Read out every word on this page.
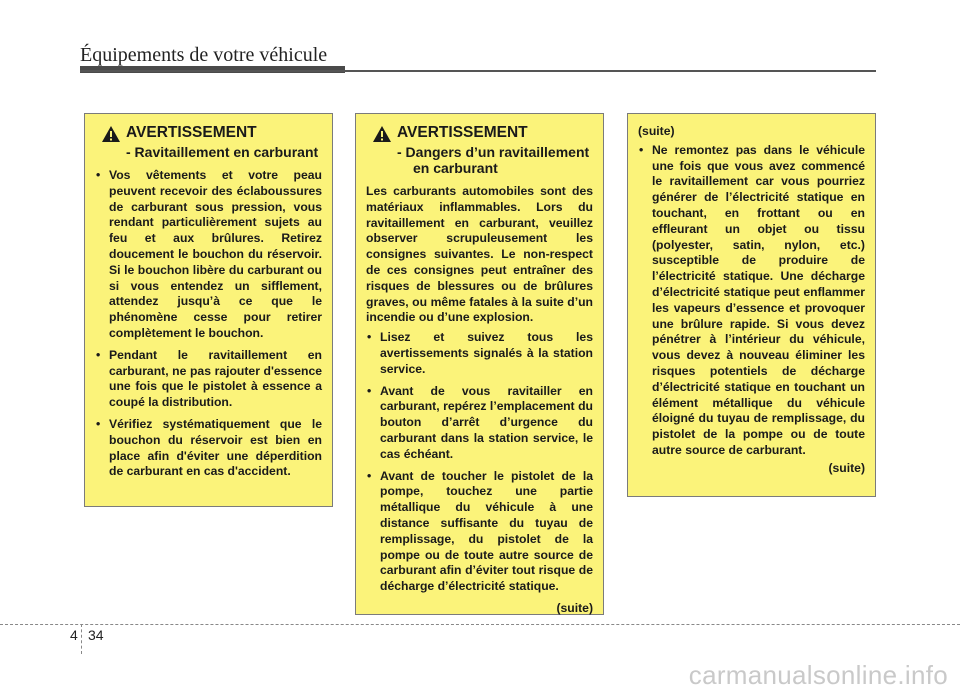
Équipements de votre véhicule
AVERTISSEMENT
- Ravitaillement en carburant
• Vos vêtements et votre peau peuvent recevoir des éclaboussures de carburant sous pression, vous rendant particulièrement sujets au feu et aux brûlures. Retirez doucement le bouchon du réservoir. Si le bouchon libère du carburant ou si vous entendez un sifflement, attendez jusqu’à ce que le phénomène cesse pour retirer complètement le bouchon.
• Pendant le ravitaillement en carburant, ne pas rajouter d'essence une fois que le pistolet à essence a coupé la distribution.
• Vérifiez systématiquement que le bouchon du réservoir est bien en place afin d'éviter une déperdition de carburant en cas d'accident.
AVERTISSEMENT
- Dangers d’un ravitaillement en carburant
Les carburants automobiles sont des matériaux inflammables. Lors du ravitaillement en carburant, veuillez observer scrupuleusement les consignes suivantes. Le non-respect de ces consignes peut entraîner des risques de blessures ou de brûlures graves, ou même fatales à la suite d’un incendie ou d’une explosion.
• Lisez et suivez tous les avertissements signalés à la station service.
• Avant de vous ravitailler en carburant, repérez l’emplacement du bouton d’arrêt d’urgence du carburant dans la station service, le cas échéant.
• Avant de toucher le pistolet de la pompe, touchez une partie métallique du véhicule à une distance suffisante du tuyau de remplissage, du pistolet de la pompe ou de toute autre source de carburant afin d’éviter tout risque de décharge d’électricité statique.
(suite)
(suite)
• Ne remontez pas dans le véhicule une fois que vous avez commencé le ravitaillement car vous pourriez générer de l’électricité statique en touchant, en frottant ou en effleurant un objet ou tissu (polyester, satin, nylon, etc.) susceptible de produire de l’électricité statique. Une décharge d’électricité statique peut enflammer les vapeurs d’essence et provoquer une brûlure rapide. Si vous devez pénétrer à l’intérieur du véhicule, vous devez à nouveau éliminer les risques potentiels de décharge d’électricité statique en touchant un élément métallique du véhicule éloigné du tuyau de remplissage, du pistolet de la pompe ou de toute autre source de carburant.
(suite)
4 34
carmanualsonline.info
